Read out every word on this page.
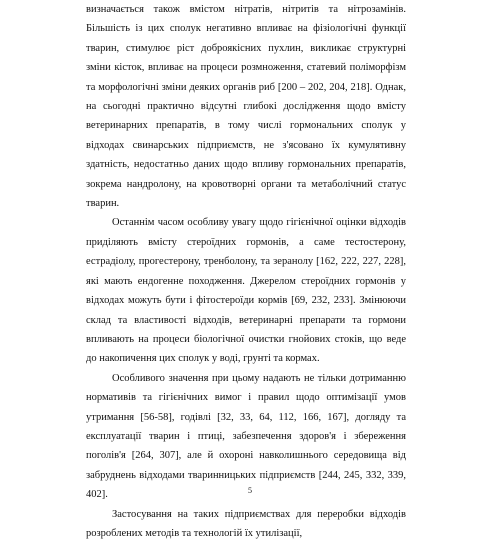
визначається також вмістом нітратів, нітритів та нітрозамінів. Більшість із цих сполук негативно впливає на фізіологічні функції тварин, стимулює ріст доброякісних пухлин, викликає структурні зміни кісток, впливає на процеси розмноження, статевий поліморфізм та морфологічні зміни деяких органів риб [200 – 202, 204, 218]. Однак, на сьогодні практично відсутні глибокі дослідження щодо вмісту ветеринарних препаратів, в тому числі гормональних сполук у відходах свинарських підприємств, не з'ясовано їх кумулятивну здатність, недостатньо даних щодо впливу гормональних препаратів, зокрема нандролону, на кровотворні органи та метаболічний статус тварин.

Останнім часом особливу увагу щодо гігієнічної оцінки відходів приділяють вмісту стероїдних гормонів, а саме тестостерону, естрадіолу, прогестерону, тренболону, та зеранолу [162, 222, 227, 228], які мають ендогенне походження. Джерелом стероїдних гормонів у відходах можуть бути і фітостероїди кормів [69, 232, 233]. Змінюючи склад та властивості відходів, ветеринарні препарати та гормони впливають на процеси біологічної очистки гнойових стоків, що веде до накопичення цих сполук у воді, грунті та кормах.

Особливого значення при цьому надають не тільки дотриманню нормативів та гігієнічних вимог і правил щодо оптимізації умов утримання [56-58], годівлі [32, 33, 64, 112, 166, 167], догляду та експлуатації тварин і птиці, забезпечення здоров'я і збереження поголів'я [264, 307], але й охороні навколишнього середовища від забруднень відходами тваринницьких підприємств [244, 245, 332, 339, 402].

Застосування на таких підприємствах для переробки відходів розроблених методів та технологій їх утилізації,

5
